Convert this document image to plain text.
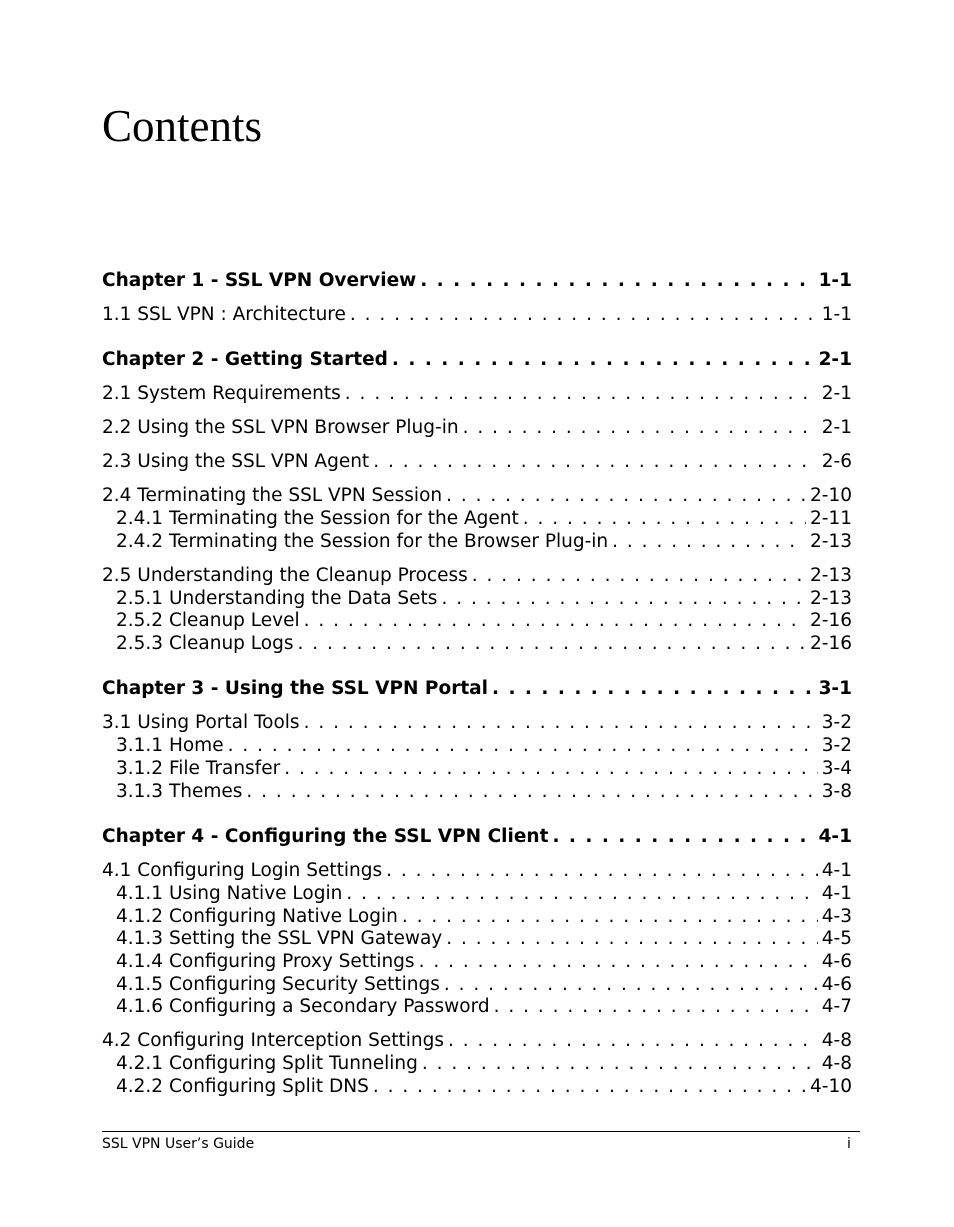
Contents
Chapter 1 - SSL VPN Overview . . .	1-1
1.1 SSL VPN : Architecture . . .	1-1
Chapter 2 - Getting Started . . .	2-1
2.1 System Requirements . . .	2-1
2.2 Using the SSL VPN Browser Plug-in . . .	2-1
2.3 Using the SSL VPN Agent . . .	2-6
2.4 Terminating the SSL VPN Session . . .	2-10
2.4.1 Terminating the Session for the Agent . . .	2-11
2.4.2 Terminating the Session for the Browser Plug-in . . .	2-13
2.5 Understanding the Cleanup Process . . .	2-13
2.5.1 Understanding the Data Sets . . .	2-13
2.5.2 Cleanup Level . . .	2-16
2.5.3 Cleanup Logs . . .	2-16
Chapter 3 - Using the SSL VPN Portal . . .	3-1
3.1 Using Portal Tools . . .	3-2
3.1.1 Home . . .	3-2
3.1.2 File Transfer . . .	3-4
3.1.3 Themes . . .	3-8
Chapter 4 - Configuring the SSL VPN Client . . .	4-1
4.1 Configuring Login Settings . . .	4-1
4.1.1 Using Native Login . . .	4-1
4.1.2 Configuring Native Login . . .	4-3
4.1.3 Setting the SSL VPN Gateway . . .	4-5
4.1.4 Configuring Proxy Settings . . .	4-6
4.1.5 Configuring Security Settings . . .	4-6
4.1.6 Configuring a Secondary Password . . .	4-7
4.2 Configuring Interception Settings . . .	4-8
4.2.1 Configuring Split Tunneling . . .	4-8
4.2.2 Configuring Split DNS . . .	4-10
SSL VPN User’s Guide	i
